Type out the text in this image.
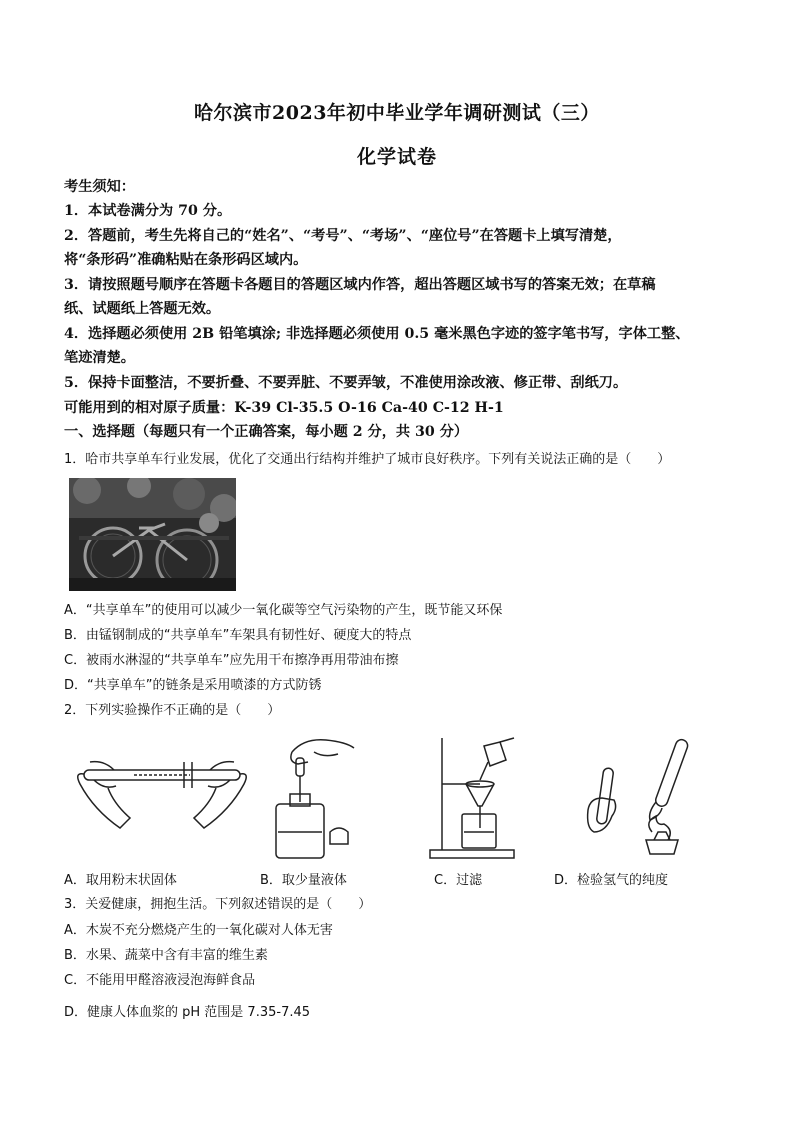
哈尔滨市2023年初中毕业学年调研测试（三）
化学试卷
考生须知：
1．本试卷满分为 70 分。
2．答题前，考生先将自己的“姓名”、“考号”、“考场”、“座位号”在答题卡上填写清楚，
将“条形码”准确粘贴在条形码区域内。
3．请按照题号顺序在答题卡各题目的答题区域内作答，超出答题区域书写的答案无效；在草稿
纸、试题纸上答题无效。
4．选择题必须使用 2B 铅笔填涂; 非选择题必须使用 0.5 毫米黑色字迹的签字笔书写，字体工整、
笔迹清楚。
5．保持卡面整洁，不要折叠、不要弄脏、不要弄皱，不准使用涂改液、修正带、刮纸刀。
可能用到的相对原子质量：K-39 Cl-35.5 O-16 Ca-40 C-12 H-1
一、选择题（每题只有一个正确答案，每小题 2 分，共 30 分）
1．哈市共享单车行业发展，优化了交通出行结构并维护了城市良好秩序。下列有关说法正确的是（　　）
A．“共享单车”的使用可以减少一氧化碳等空气污染物的产生，既节能又环保
B．由锰钢制成的“共享单车”车架具有韧性好、硬度大的特点
C．被雨水淋湿的“共享单车”应先用干布擦净再用带油布擦
D．“共享单车”的链条是采用喷漆的方式防锈
2．下列实验操作不正确的是（　　）
A．取用粉末状固体	B．取少量液体	C．过滤	D．检验氢气的纯度
3．关爱健康，拥抱生活。下列叙述错误的是（　　）
A．木炭不充分燃烧产生的一氧化碳对人体无害
B．水果、蔬菜中含有丰富的维生素
C．不能用甲醛溶液浸泡海鲜食品
D．健康人体血浆的 pH 范围是 7.35-7.45
